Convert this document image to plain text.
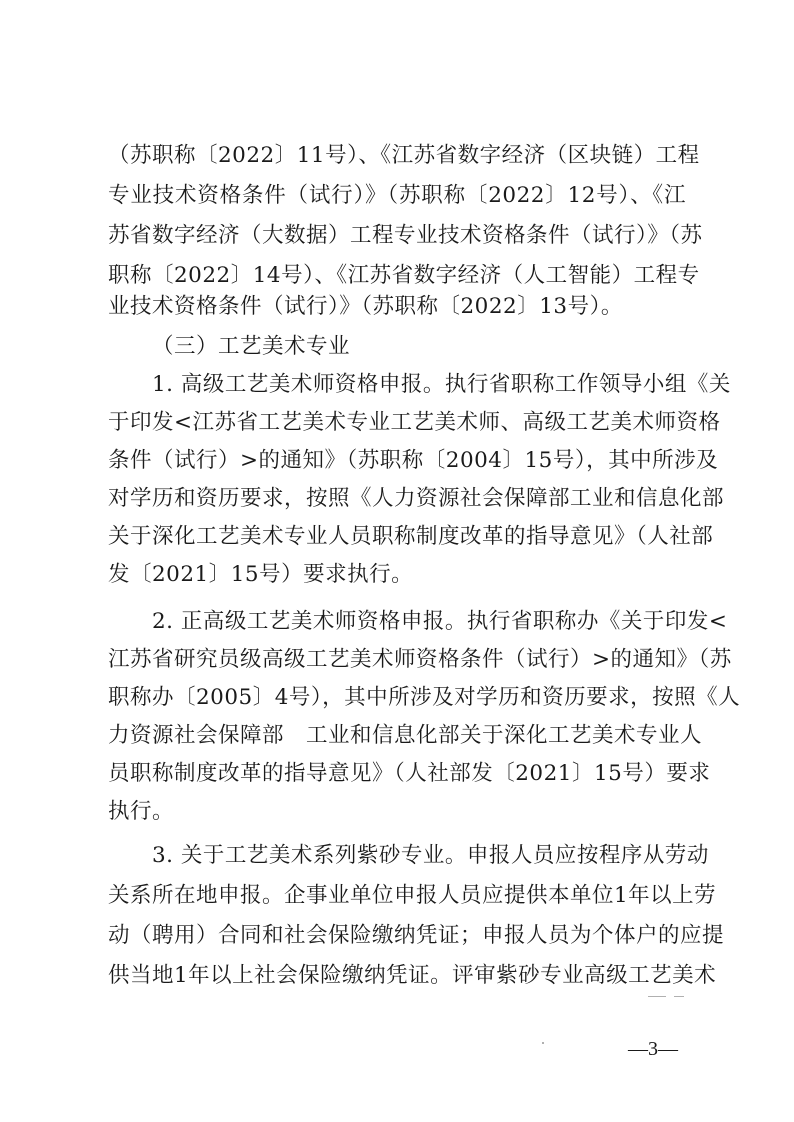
（苏职称〔2022〕11号）、《江苏省数字经济（区块链）工程
专业技术资格条件（试行）》（苏职称〔2022〕12号）、《江
苏省数字经济（大数据）工程专业技术资格条件（试行）》（苏
职称〔2022〕14号）、《江苏省数字经济（人工智能）工程专
业技术资格条件（试行）》（苏职称〔2022〕13号）。
（三）工艺美术专业
1. 高级工艺美术师资格申报。执行省职称工作领导小组《关
于印发<江苏省工艺美术专业工艺美术师、高级工艺美术师资格
条件（试行）>的通知》（苏职称〔2004〕15号），其中所涉及
对学历和资历要求，按照《人力资源社会保障部工业和信息化部
关于深化工艺美术专业人员职称制度改革的指导意见》（人社部
发〔2021〕15号）要求执行。
2. 正高级工艺美术师资格申报。执行省职称办《关于印发<
江苏省研究员级高级工艺美术师资格条件（试行）>的通知》（苏
职称办〔2005〕4号），其中所涉及对学历和资历要求，按照《人
力资源社会保障部　工业和信息化部关于深化工艺美术专业人
员职称制度改革的指导意见》（人社部发〔2021〕15号）要求
执行。
3. 关于工艺美术系列紫砂专业。申报人员应按程序从劳动
关系所在地申报。企事业单位申报人员应提供本单位1年以上劳
动（聘用）合同和社会保险缴纳凭证；申报人员为个体户的应提
供当地1年以上社会保险缴纳凭证。评审紫砂专业高级工艺美术
—3—
